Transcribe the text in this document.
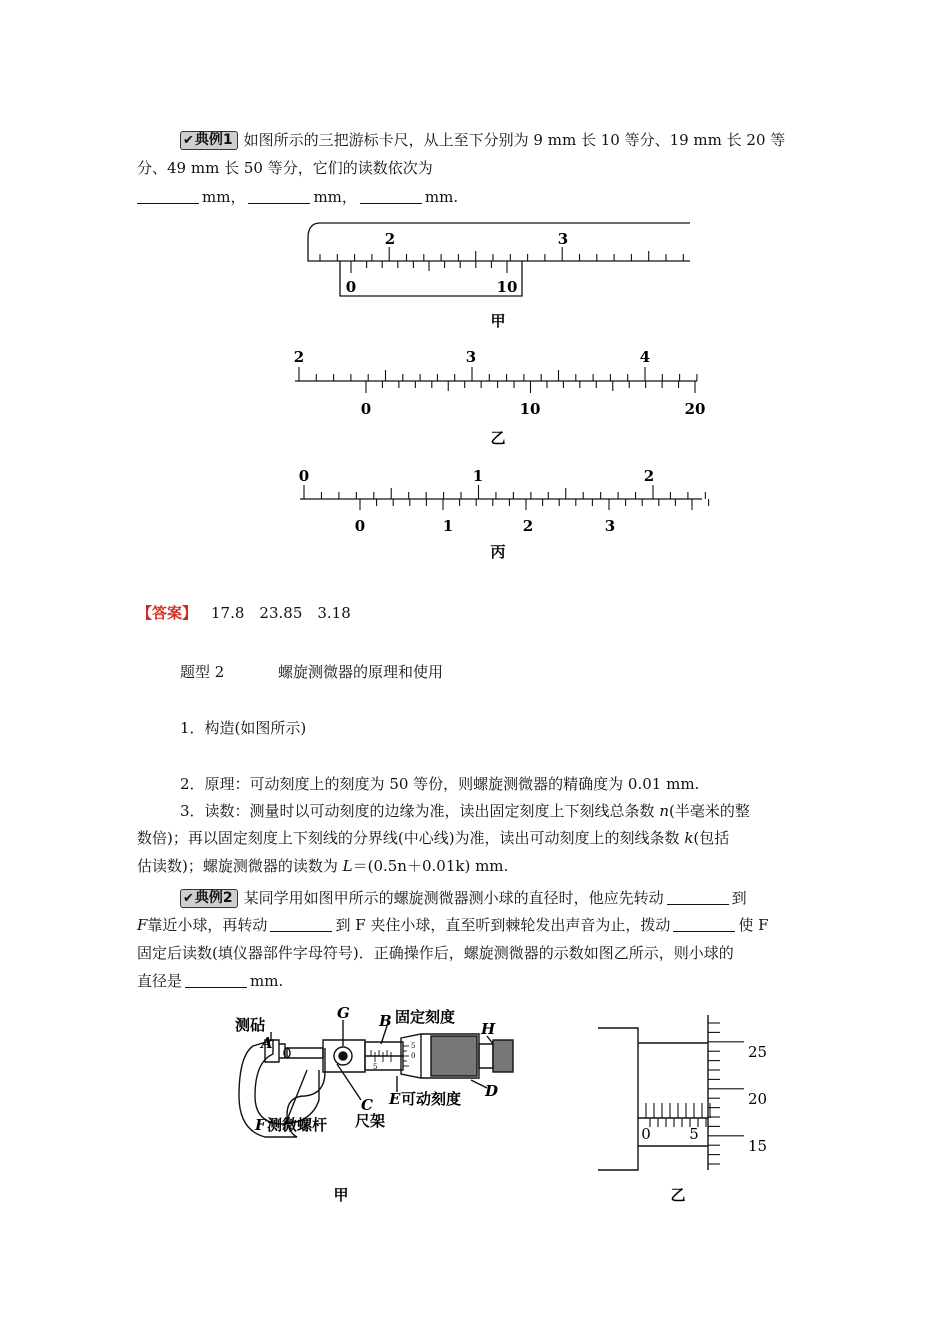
✔典例1 如图所示的三把游标卡尺，从上至下分别为 9 mm 长 10 等分、19 mm 长 20 等
分、49 mm 长 50 等分，它们的读数依次为
mm，	mm，	mm.
2	3
0	10
甲
2	3	4
0	10	20
乙
0	1	2
0	1	2	3
丙
【答案】 17.8　23.85　3.18
题型 2	螺旋测微器的原理和使用
1．构造(如图所示)
2．原理：可动刻度上的刻度为 50 等份，则螺旋测微器的精确度为 0.01 mm.
3．读数：测量时以可动刻度的边缘为准，读出固定刻度上下刻线总条数 n(半毫米的整
数倍)；再以固定刻度上下刻线的分界线(中心线)为准，读出可动刻度上的刻线条数 k(包括
估读数)；螺旋测微器的读数为 L＝(0.5n＋0.01k) mm.
✔典例2 某同学用如图甲所示的螺旋测微器测小球的直径时，他应先转动	到
F靠近小球，再转动	到 F 夹住小球，直至听到棘轮发出声音为止，拨动	使 F
固定后读数(填仪器部件字母符号)．正确操作后，螺旋测微器的示数如图乙所示，则小球的
直径是	mm.
5
0
5
测砧
A
G B 固定刻度
H
D
E 可动刻度
C
尺架
F 测微螺杆
甲
0	5
25
20
15
乙
